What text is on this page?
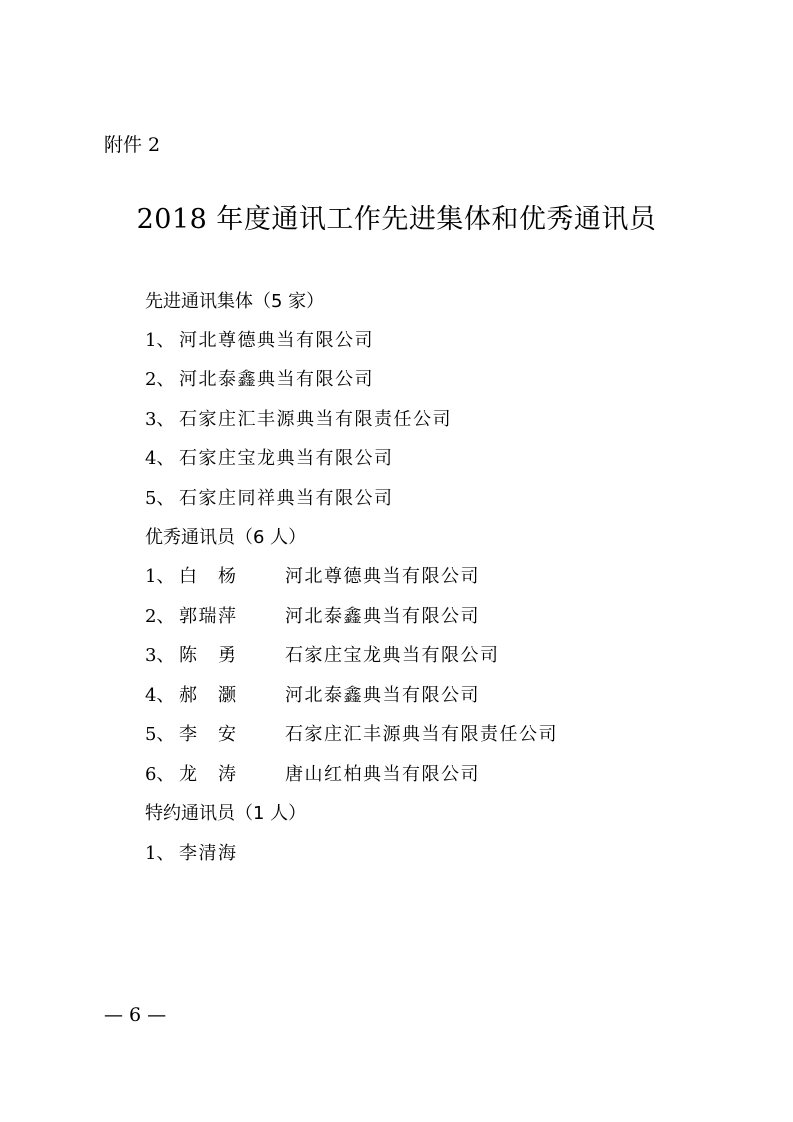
附件 2
2018 年度通讯工作先进集体和优秀通讯员
先进通讯集体（5 家）
1、 河北尊德典当有限公司
2、 河北泰鑫典当有限公司
3、 石家庄汇丰源典当有限责任公司
4、 石家庄宝龙典当有限公司
5、 石家庄同祥典当有限公司
优秀通讯员（6 人）
1、 白　杨	河北尊德典当有限公司
2、 郭瑞萍	河北泰鑫典当有限公司
3、 陈　勇	石家庄宝龙典当有限公司
4、 郝　灏	河北泰鑫典当有限公司
5、 李　安	石家庄汇丰源典当有限责任公司
6、 龙　涛	唐山红柏典当有限公司
特约通讯员（1 人）
1、 李清海
— 6 —
